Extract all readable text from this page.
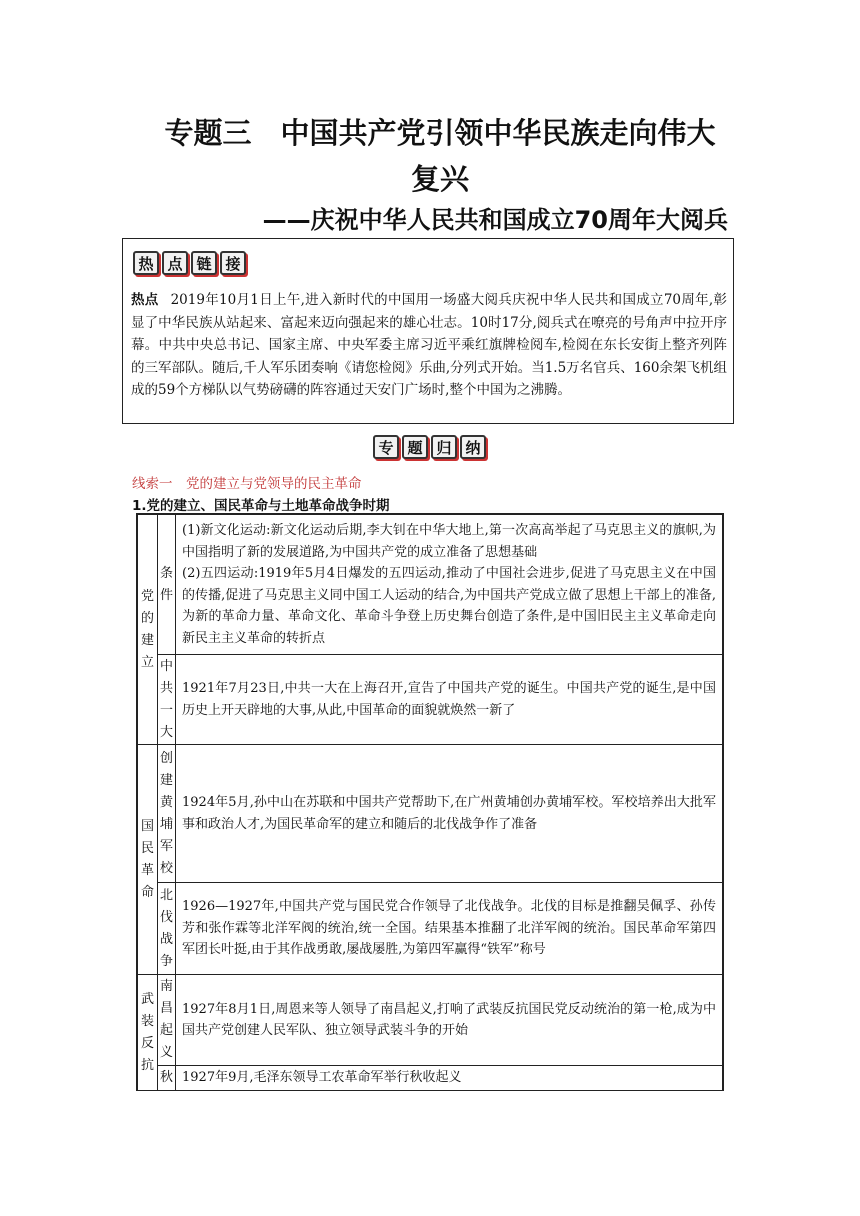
专题三　中国共产党引领中华民族走向伟大
复兴
——庆祝中华人民共和国成立70周年大阅兵
热 点 链 接
热点 2019年10月1日上午,进入新时代的中国用一场盛大阅兵庆祝中华人民共和国成立70周年,彰显了中华民族从站起来、富起来迈向强起来的雄心壮志。10时17分,阅兵式在嘹亮的号角声中拉开序幕。中共中央总书记、国家主席、中央军委主席习近平乘红旗牌检阅车,检阅在东长安街上整齐列阵的三军部队。随后,千人军乐团奏响《请您检阅》乐曲,分列式开始。当1.5万名官兵、160余架飞机组成的59个方梯队以气势磅礴的阵容通过天安门广场时,整个中国为之沸腾。
专 题 归 纳
线索一　党的建立与党领导的民主革命
1.党的建立、国民革命与土地革命战争时期
党的建立	条件	(1)新文化运动:新文化运动后期,李大钊在中华大地上,第一次高高举起了马克思主义的旗帜,为中国指明了新的发展道路,为中国共产党的成立准备了思想基础
(2)五四运动:1919年5月4日爆发的五四运动,推动了中国社会进步,促进了马克思主义在中国的传播,促进了马克思主义同中国工人运动的结合,为中国共产党成立做了思想上干部上的准备,为新的革命力量、革命文化、革命斗争登上历史舞台创造了条件,是中国旧民主主义革命走向新民主主义革命的转折点

	中共一大	1921年7月23日,中共一大在上海召开,宣告了中国共产党的诞生。中国共产党的诞生,是中国历史上开天辟地的大事,从此,中国革命的面貌就焕然一新了
国民革命	创建黄埔军校	1924年5月,孙中山在苏联和中国共产党帮助下,在广州黄埔创办黄埔军校。军校培养出大批军事和政治人才,为国民革命军的建立和随后的北伐战争作了准备
	北伐战争	1926—1927年,中国共产党与国民党合作领导了北伐战争。北伐的目标是推翻吴佩孚、孙传芳和张作霖等北洋军阀的统治,统一全国。结果基本推翻了北洋军阀的统治。国民革命军第四军团长叶挺,由于其作战勇敢,屡战屡胜,为第四军赢得“铁军”称号
武装反抗	南昌起义	1927年8月1日,周恩来等人领导了南昌起义,打响了武装反抗国民党反动统治的第一枪,成为中国共产党创建人民军队、独立领导武装斗争的开始
	秋	1927年9月,毛泽东领导工农革命军举行秋收起义
